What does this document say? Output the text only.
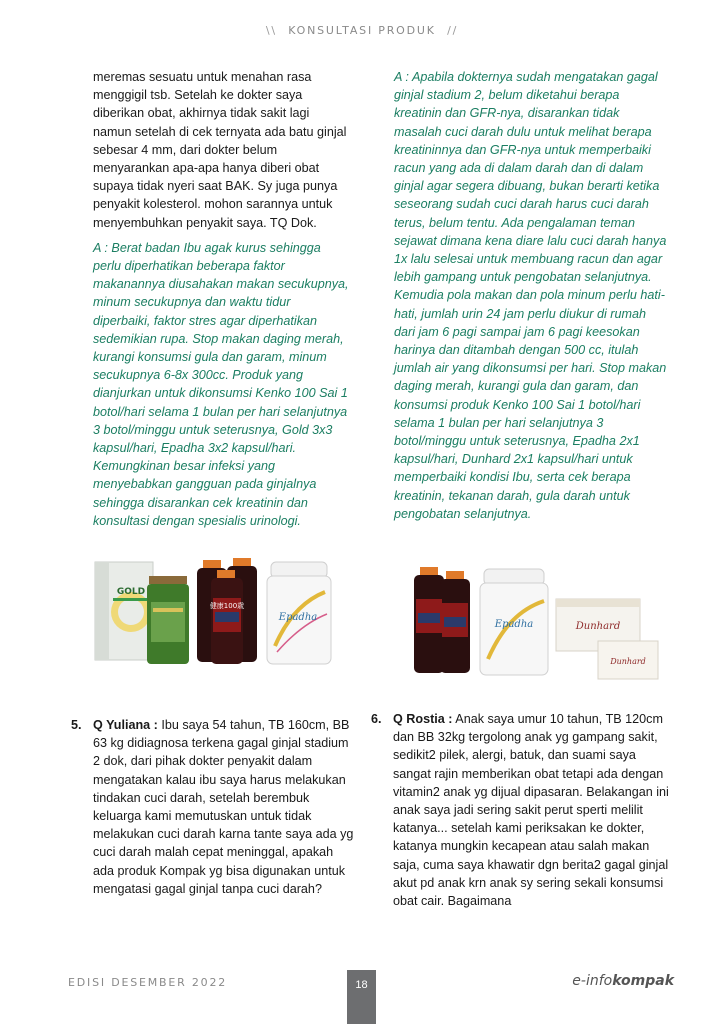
\\ KONSULTASI PRODUK //

meremas sesuatu untuk menahan rasa menggigil tsb. Setelah ke dokter saya diberikan obat, akhirnya tidak sakit lagi namun setelah di cek ternyata ada batu ginjal sebesar 4 mm, dari dokter belum menyarankan apa-apa hanya diberi obat supaya tidak nyeri saat BAK. Sy juga punya penyakit kolesterol. mohon sarannya untuk menyembuhkan penyakit saya. TQ Dok.

A : Berat badan Ibu agak kurus sehingga perlu diperhatikan beberapa faktor makanannya diusahakan makan secukupnya, minum secukupnya dan waktu tidur diperbaiki, faktor stres agar diperhatikan sedemikian rupa. Stop makan daging merah, kurangi konsumsi gula dan garam, minum secukupnya 6-8x 300cc. Produk yang dianjurkan untuk dikonsumsi Kenko 100 Sai 1 botol/hari selama 1 bulan per hari selanjutnya 3 botol/minggu untuk seterusnya, Gold 3x3 kapsul/hari, Epadha 3x2 kapsul/hari. Kemungkinan besar infeksi yang menyebabkan gangguan pada ginjalnya sehingga disarankan cek kreatinin dan konsultasi dengan spesialis urinologi.

A : Apabila dokternya sudah mengatakan gagal ginjal stadium 2, belum diketahui berapa kreatinin dan GFR-nya, disarankan tidak masalah cuci darah dulu untuk melihat berapa kreatininnya dan GFR-nya untuk memperbaiki racun yang ada di dalam darah dan di dalam ginjal agar segera dibuang, bukan berarti ketika seseorang sudah cuci darah harus cuci darah terus, belum tentu. Ada pengalaman teman sejawat dimana kena diare lalu cuci darah hanya 1x lalu selesai untuk membuang racun dan agar lebih gampang untuk pengobatan selanjutnya. Kemudia pola makan dan pola minum perlu hati-hati, jumlah urin 24 jam perlu diukur di rumah dari jam 6 pagi sampai jam 6 pagi keesokan harinya dan ditambah dengan 500 cc, itulah jumlah air yang dikonsumsi per hari. Stop makan daging merah, kurangi gula dan garam, dan konsumsi produk Kenko 100 Sai 1 botol/hari selama 1 bulan per hari selanjutnya 3 botol/minggu untuk seterusnya, Epadha 2x1 kapsul/hari, Dunhard 2x1 kapsul/hari untuk memperbaiki kondisi Ibu, serta cek berapa kreatinin, tekanan darah, gula darah untuk pengobatan selanjutnya.

GOLD
健康100歳
Epadha
Epadha	Dunhard
Dunhard
5. Q Yuliana : Ibu saya 54 tahun, TB 160cm, BB 63 kg didiagnosa terkena gagal ginjal stadium 2 dok, dari pihak dokter penyakit dalam mengatakan kalau ibu saya harus melakukan tindakan cuci darah, setelah berembuk keluarga kami memutuskan untuk tidak melakukan cuci darah karna tante saya ada yg cuci darah malah cepat meninggal, apakah ada produk Kompak yg bisa digunakan untuk mengatasi gagal ginjal tanpa cuci darah?

6. Q Rostia : Anak saya umur 10 tahun, TB 120cm dan BB 32kg tergolong anak yg gampang sakit, sedikit2 pilek, alergi, batuk, dan suami saya sangat rajin memberikan obat tetapi ada dengan vitamin2 anak yg dijual dipasaran. Belakangan ini anak saya jadi sering sakit perut sperti melilit katanya... setelah kami periksakan ke dokter, katanya mungkin kecapean atau salah makan saja, cuma saya khawatir dgn berita2 gagal ginjal akut pd anak krn anak sy sering sekali konsumsi obat cair. Bagaimana

EDISI DESEMBER 2022	18	e-infokompak
